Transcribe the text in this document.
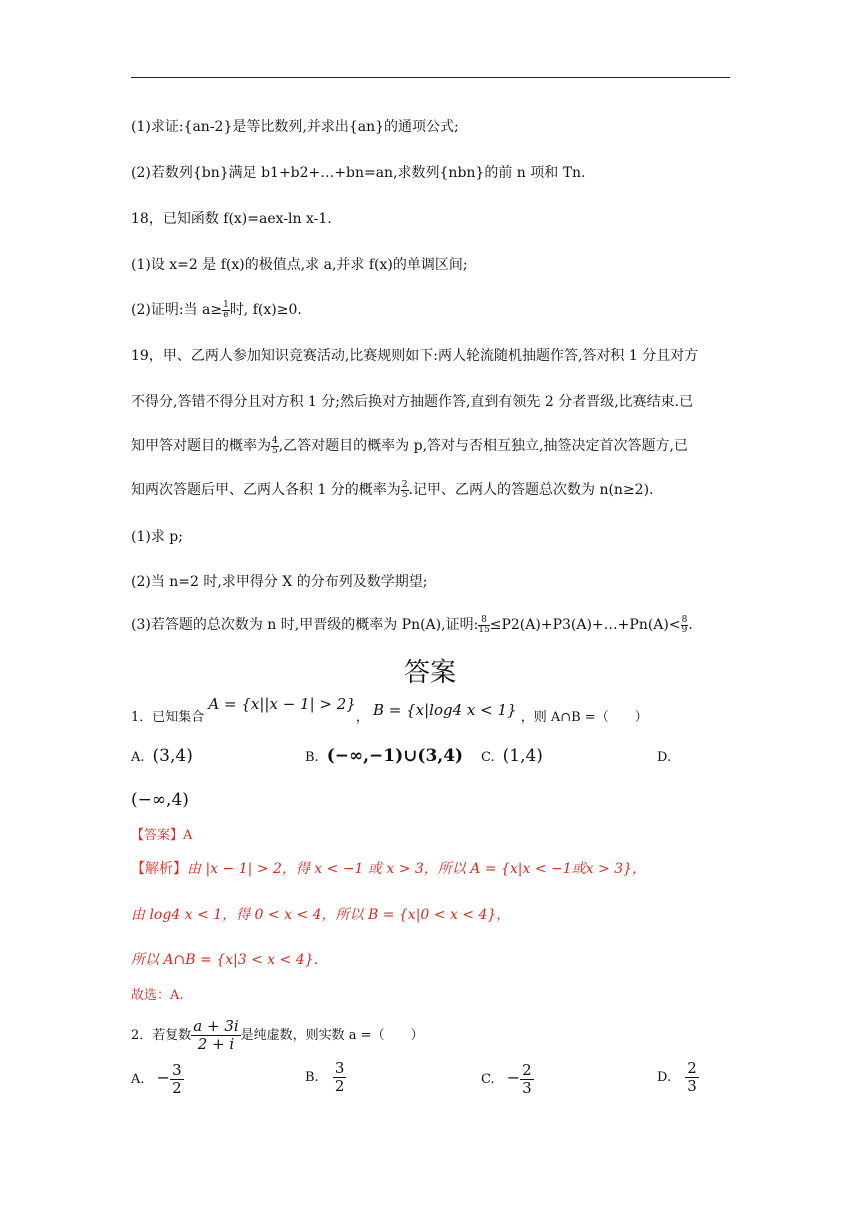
(1)求证:{an-2}是等比数列,并求出{an}的通项公式;
(2)若数列{bn}满足 b1+b2+…+bn=an,求数列{nbn}的前 n 项和 Tn.
18，已知函数 f(x)=aex-ln x-1.
(1)设 x=2 是 f(x)的极值点,求 a,并求 f(x)的单调区间;
(2)证明:当 $a\ge \frac{1}{e}$ 时, f(x)≥0.
19，甲、乙两人参加知识竞赛活动,比赛规则如下:两人轮流随机抽题作答,答对积 1 分且对方
不得分,答错不得分且对方积 1 分;然后换对方抽题作答,直到有领先 2 分者晋级,比赛结束.已
知甲答对题目的概率为 $\frac{4}{5}$ ,乙答对题目的概率为 p,答对与否相互独立,抽签决定首次答题方,已
知两次答题后甲、乙两人各积 1 分的概率为 $\frac{2}{5}$ .记甲、乙两人的答题总次数为 n(n≥2).
(1)求 p;
(2)当 n=2 时,求甲得分 X 的分布列及数学期望;
(3)若答题的总次数为 n 时,甲晋级的概率为 Pn(A),证明: $\frac{8}{15}$ ≤P2(A)+P3(A)+…+Pn(A)< $\frac{8}{9}$ .
答案
1．已知集合 A = {x||x − 1| > 2}， B = {x|log4 x < 1} ，则 A∩B =（　　）
A. (3,4)	B. (−∞,−1)∪(3,4) C. (1,4)	D.
(−∞,4)
【答案】A
【解析】由 |x − 1| > 2，得 x < −1 或 x > 3，所以 A = {x|x < −1或x > 3}，
由 log4 x < 1，得 0 < x < 4，所以 B = {x|0 < x < 4}，
所以 A∩B = {x|3 < x < 4}.
故选：A.
2．若复数 $\frac{a + 3i}{2 + i}$ 是纯虚数，则实数 a =（　　）
A. − $\frac{3}{2}$	B. $\frac{3}{2}$	C. − $\frac{2}{3}$	D. $\frac{2}{3}$
